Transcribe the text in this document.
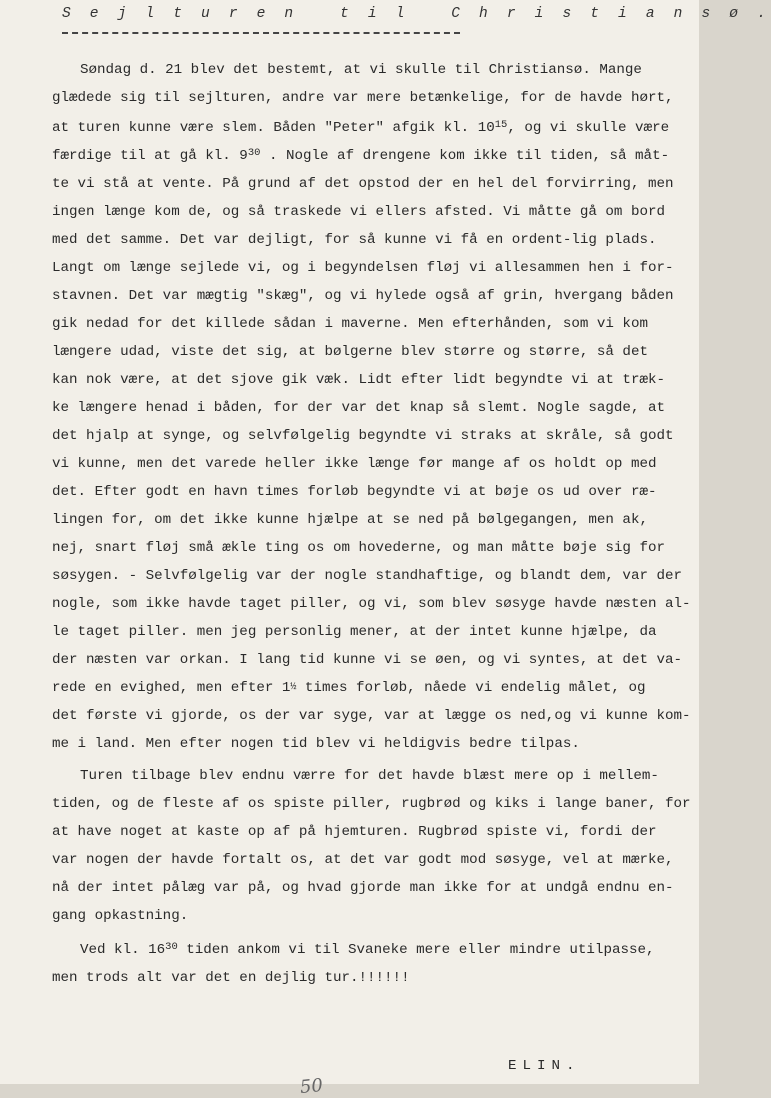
S e j l t u r e n   t i l   C h r i s t i a n s ø .
Søndag d. 21 blev det bestemt, at vi skulle til Christiansø. Mange
glædede sig til sejlturen, andre var mere betænkelige, for de havde hørt,
at turen kunne være slem. Båden "Peter" afgik kl. $10^{15}$, og vi skulle være
færdige til at gå kl. $9^{30}$ . Nogle af drengene kom ikke til tiden, så måt-
te vi stå at vente. På grund af det opstod der en hel del forvirring, men
ingen længe kom de, og så traskede vi ellers afsted. Vi måtte gå om bord
med det samme. Det var dejligt, for så kunne vi få en ordent-lig plads.
Langt om længe sejlede vi, og i begyndelsen fløj vi allesammen hen i for-
stavnen. Det var mægtig "skæg", og vi hylede også af grin, hvergang båden
gik nedad for det killede sådan i maverne. Men efterhånden, som vi kom
længere udad, viste det sig, at bølgerne blev større og større, så det
kan nok være, at det sjove gik væk. Lidt efter lidt begyndte vi at træk-
ke længere henad i båden, for der var det knap så slemt. Nogle sagde, at
det hjalp at synge, og selvfølgelig begyndte vi straks at skråle, så godt
vi kunne, men det varede heller ikke længe før mange af os holdt op med
det. Efter godt en havn times forløb begyndte vi at bøje os ud over ræ-
lingen for, om det ikke kunne hjælpe at se ned på bølgegangen, men ak,
nej, snart fløj små ækle ting os om hovederne, og man måtte bøje sig for
søsygen. - Selvfølgelig var der nogle standhaftige, og blandt dem, var der
nogle, som ikke havde taget piller, og vi, som blev søsyge havde næsten al-
le taget piller. men jeg personlig mener, at der intet kunne hjælpe, da
der næsten var orkan. I lang tid kunne vi se øen, og vi syntes, at det va-
rede en evighed, men efter 1½ times forløb, nåede vi endelig målet, og
det første vi gjorde, os der var syge, var at lægge os ned,og vi kunne kom-
me i land. Men efter nogen tid blev vi heldigvis bedre tilpas.
Turen tilbage blev endnu værre for det havde blæst mere op i mellem-
tiden, og de fleste af os spiste piller, rugbrød og kiks i lange baner, for
at have noget at kaste op af på hjemturen. Rugbrød spiste vi, fordi der
var nogen der havde fortalt os, at det var godt mod søsyge, vel at mærke,
nå der intet pålæg var på, og hvad gjorde man ikke for at undgå endnu en-
gang opkastning.
Ved kl. $16^{30}$ tiden ankom vi til Svaneke mere eller mindre utilpasse,
men trods alt var det en dejlig tur.!!!!!!
ELIN.
50
